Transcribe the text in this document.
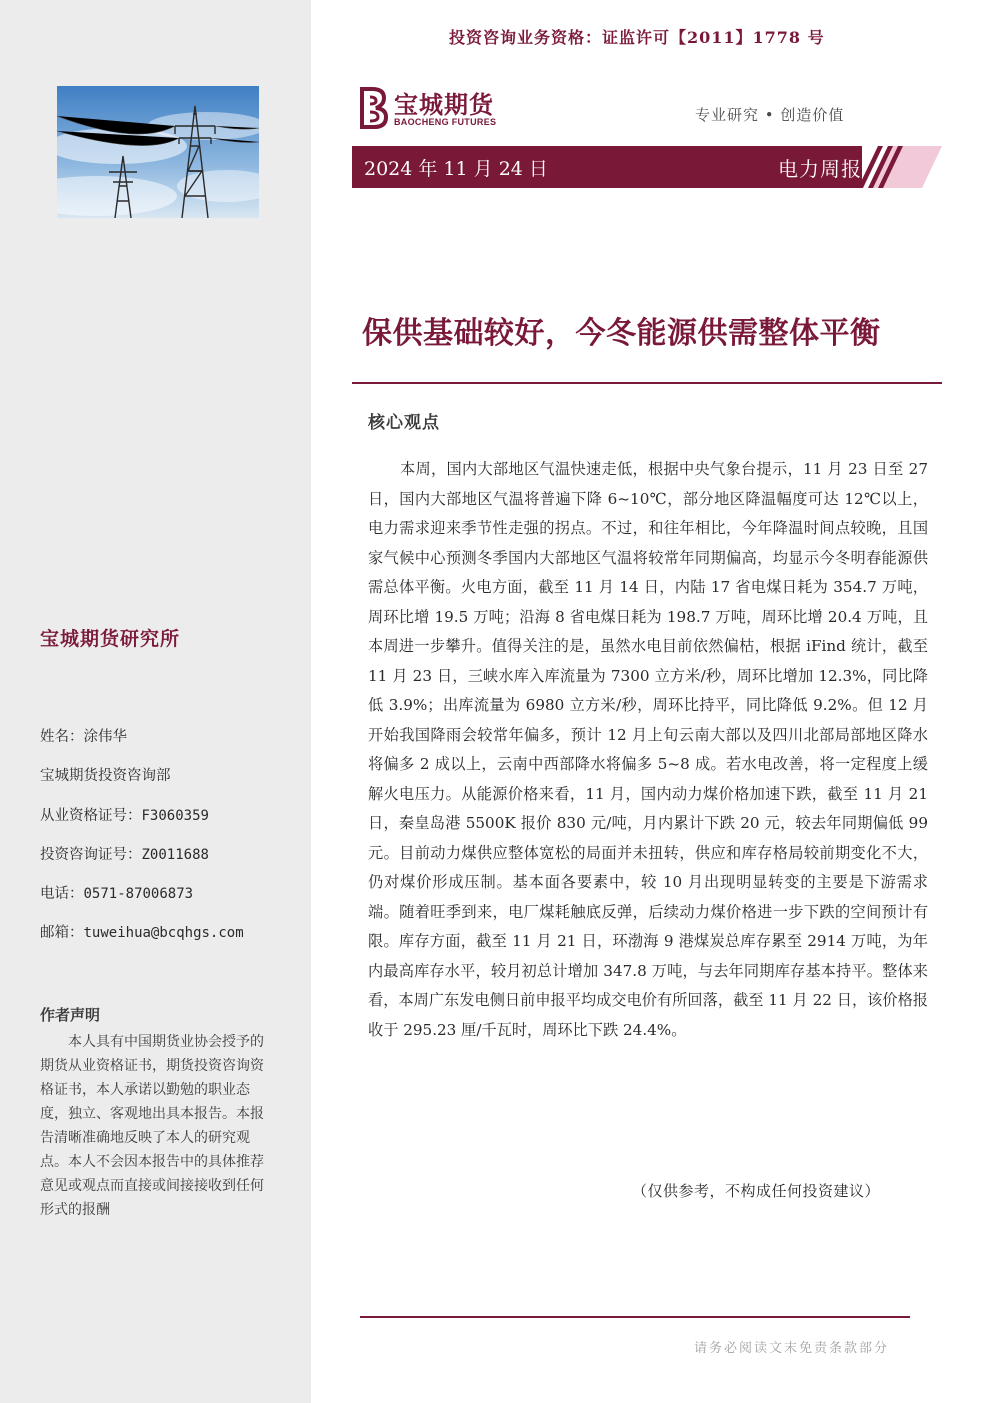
宝城期货研究所
姓名：涂伟华
宝城期货投资咨询部
从业资格证号：F3060359
投资咨询证号：Z0011688
电话：0571-87006873
邮箱：tuweihua@bcqhgs.com
作者声明
本人具有中国期货业协会授予的期货从业资格证书，期货投资咨询资格证书，本人承诺以勤勉的职业态度，独立、客观地出具本报告。本报告清晰准确地反映了本人的研究观点。本人不会因本报告中的具体推荐意见或观点而直接或间接接收到任何形式的报酬
投资咨询业务资格：证监许可【2011】1778 号
宝城期货
BAOCHENG FUTURES	专业研究 • 创造价值
2024 年 11 月 24 日	电力周报
保供基础较好，今冬能源供需整体平衡
核心观点
本周，国内大部地区气温快速走低，根据中央气象台提示，11 月 23 日至 27 日，国内大部地区气温将普遍下降 6~10℃，部分地区降温幅度可达 12℃以上，电力需求迎来季节性走强的拐点。不过，和往年相比，今年降温时间点较晚，且国家气候中心预测冬季国内大部地区气温将较常年同期偏高，均显示今冬明春能源供需总体平衡。火电方面，截至 11 月 14 日，内陆 17 省电煤日耗为 354.7 万吨，周环比增 19.5 万吨；沿海 8 省电煤日耗为 198.7 万吨，周环比增 20.4 万吨，且本周进一步攀升。值得关注的是，虽然水电目前依然偏枯，根据 iFind 统计，截至 11 月 23 日，三峡水库入库流量为 7300 立方米/秒，周环比增加 12.3%，同比降低 3.9%；出库流量为 6980 立方米/秒，周环比持平，同比降低 9.2%。但 12 月开始我国降雨会较常年偏多，预计 12 月上旬云南大部以及四川北部局部地区降水将偏多 2 成以上，云南中西部降水将偏多 5~8 成。若水电改善，将一定程度上缓解火电压力。从能源价格来看，11 月，国内动力煤价格加速下跌，截至 11 月 21 日，秦皇岛港 5500K 报价 830 元/吨，月内累计下跌 20 元，较去年同期偏低 99 元。目前动力煤供应整体宽松的局面并未扭转，供应和库存格局较前期变化不大，仍对煤价形成压制。基本面各要素中，较 10 月出现明显转变的主要是下游需求端。随着旺季到来，电厂煤耗触底反弹，后续动力煤价格进一步下跌的空间预计有限。库存方面，截至 11 月 21 日，环渤海 9 港煤炭总库存累至 2914 万吨，为年内最高库存水平，较月初总计增加 347.8 万吨，与去年同期库存基本持平。整体来看，本周广东发电侧日前申报平均成交电价有所回落，截至 11 月 22 日，该价格报收于 295.23 厘/千瓦时，周环比下跌 24.4%。
（仅供参考，不构成任何投资建议）
请务必阅读文末免责条款部分
